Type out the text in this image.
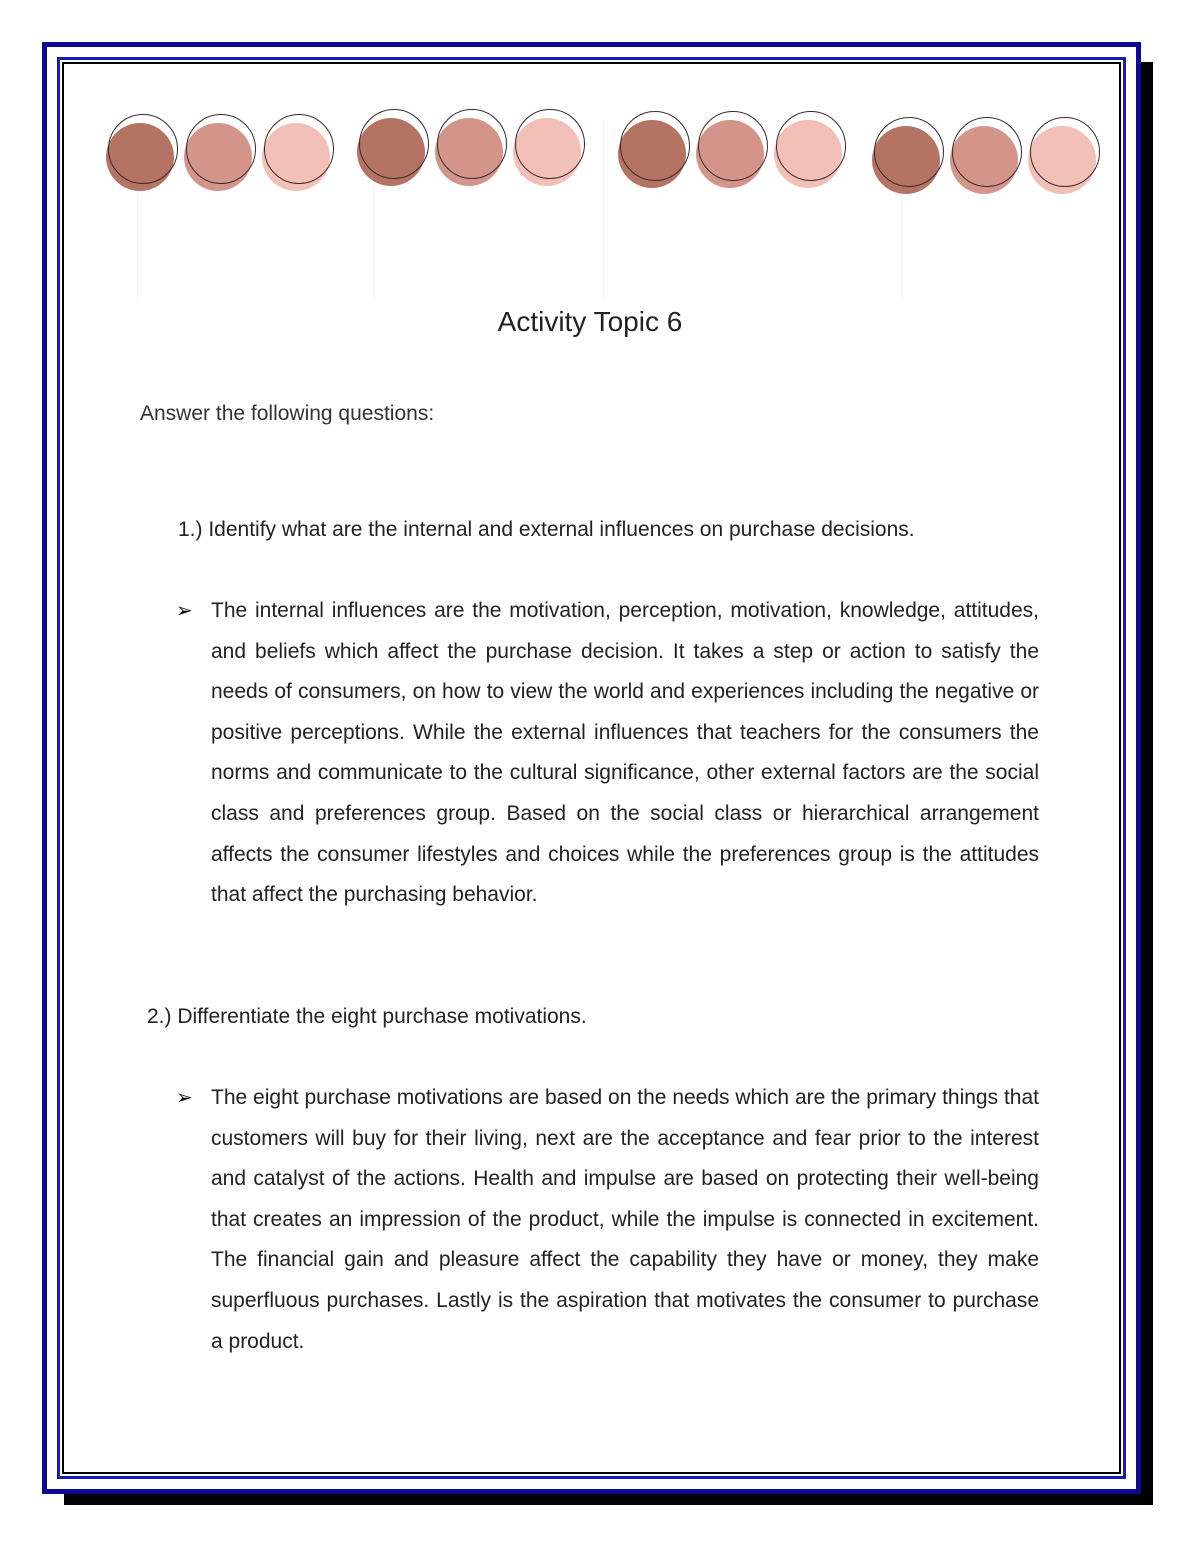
Activity Topic 6
Answer the following questions:
1.) Identify what are the internal and external influences on purchase decisions.
➢ The internal influences are the motivation, perception, motivation, knowledge, attitudes, and beliefs which affect the purchase decision. It takes a step or action to satisfy the needs of consumers, on how to view the world and experiences including the negative or positive perceptions. While the external influences that teachers for the consumers the norms and communicate to the cultural significance, other external factors are the social class and preferences group. Based on the social class or hierarchical arrangement affects the consumer lifestyles and choices while the preferences group is the attitudes that affect the purchasing behavior.
2.) Differentiate the eight purchase motivations.
➢ The eight purchase motivations are based on the needs which are the primary things that customers will buy for their living, next are the acceptance and fear prior to the interest and catalyst of the actions. Health and impulse are based on protecting their well-being that creates an impression of the product, while the impulse is connected in excitement. The financial gain and pleasure affect the capability they have or money, they make superfluous purchases. Lastly is the aspiration that motivates the consumer to purchase a product.
